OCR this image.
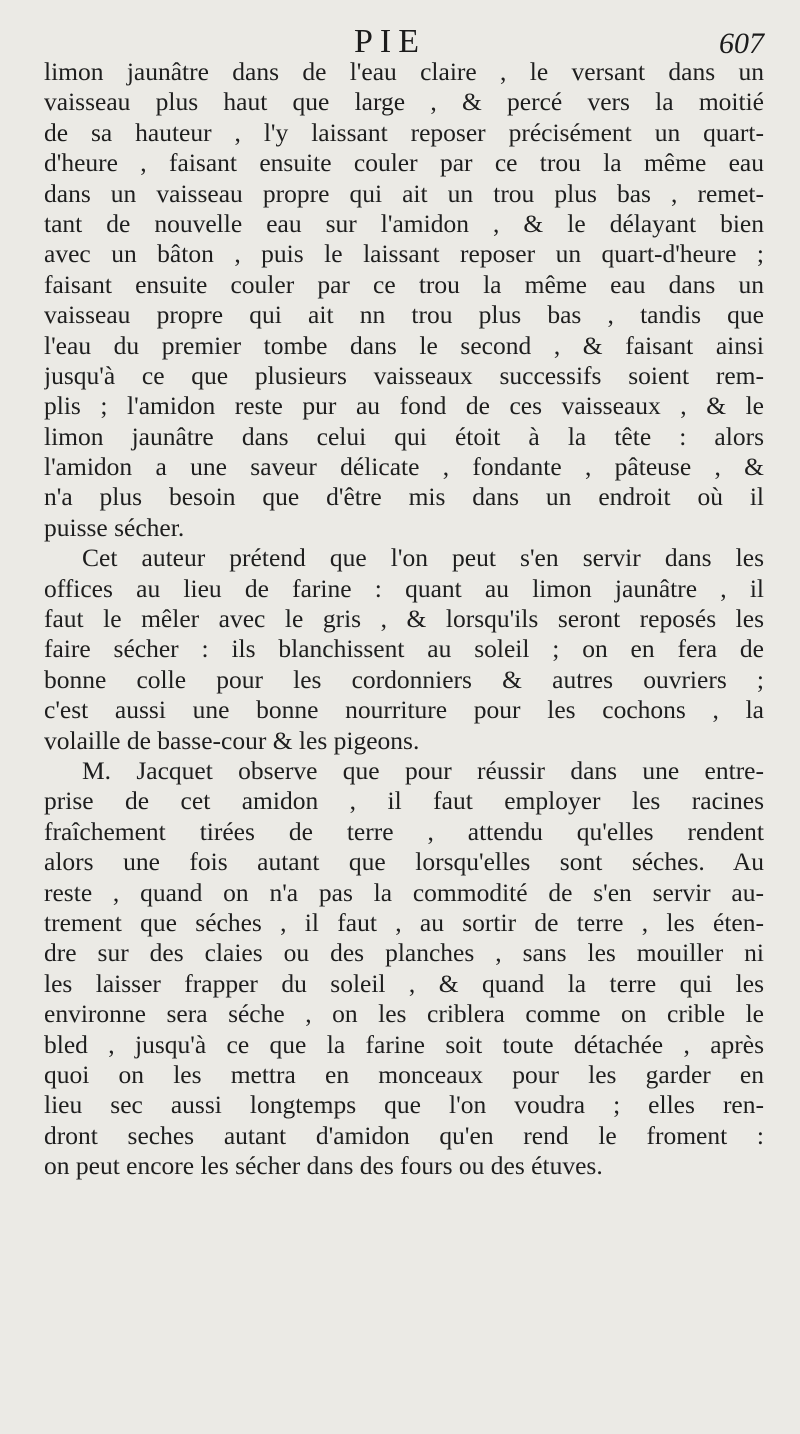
PIE	607
limon jaunâtre dans de l'eau claire , le versant dans un
vaisseau plus haut que large , & percé vers la moitié
de sa hauteur , l'y laissant reposer précisément un quart-
d'heure , faisant ensuite couler par ce trou la même eau
dans un vaisseau propre qui ait un trou plus bas , remet-
tant de nouvelle eau sur l'amidon , & le délayant bien
avec un bâton , puis le laissant reposer un quart-d'heure ;
faisant ensuite couler par ce trou la même eau dans un
vaisseau propre qui ait nn trou plus bas , tandis que
l'eau du premier tombe dans le second , & faisant ainsi
jusqu'à ce que plusieurs vaisseaux successifs soient rem-
plis ; l'amidon reste pur au fond de ces vaisseaux , & le
limon jaunâtre dans celui qui étoit à la tête : alors
l'amidon a une saveur délicate , fondante , pâteuse , &
n'a plus besoin que d'être mis dans un endroit où il
puisse sécher.
Cet auteur prétend que l'on peut s'en servir dans les
offices au lieu de farine : quant au limon jaunâtre , il
faut le mêler avec le gris , & lorsqu'ils seront reposés les
faire sécher : ils blanchissent au soleil ; on en fera de
bonne colle pour les cordonniers & autres ouvriers ;
c'est aussi une bonne nourriture pour les cochons , la
volaille de basse-cour & les pigeons.
M. Jacquet observe que pour réussir dans une entre-
prise de cet amidon , il faut employer les racines
fraîchement tirées de terre , attendu qu'elles rendent
alors une fois autant que lorsqu'elles sont séches. Au
reste , quand on n'a pas la commodité de s'en servir au-
trement que séches , il faut , au sortir de terre , les éten-
dre sur des claies ou des planches , sans les mouiller ni
les laisser frapper du soleil , & quand la terre qui les
environne sera séche , on les criblera comme on crible le
bled , jusqu'à ce que la farine soit toute détachée , après
quoi on les mettra en monceaux pour les garder en
lieu sec aussi longtemps que l'on voudra ; elles ren-
dront seches autant d'amidon qu'en rend le froment :
on peut encore les sécher dans des fours ou des étuves.
